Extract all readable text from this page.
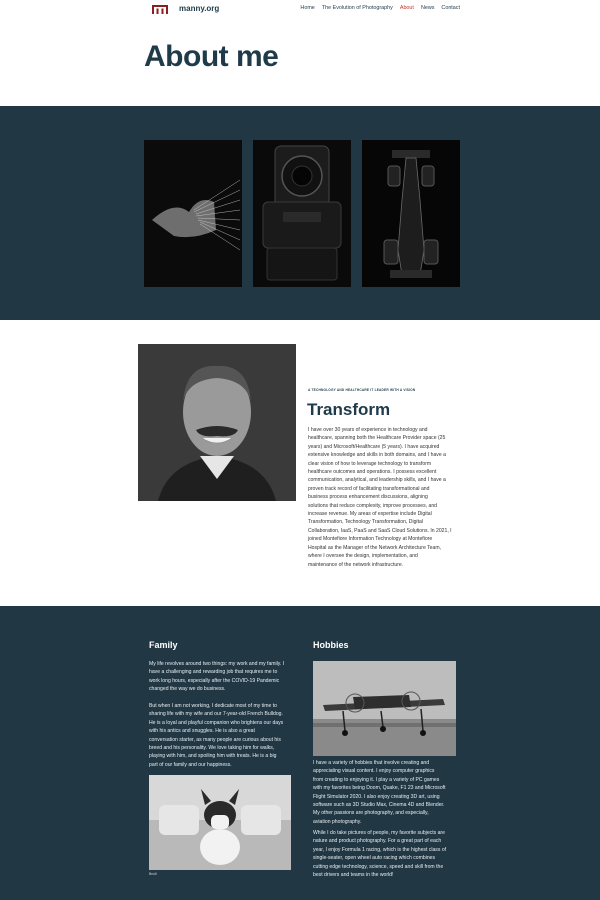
manny.org	Home The Evolution of Photography About News Contact
About me
A TECHNOLOGY AND HEALTHCARE IT LEADER WITH A VISION
Transform
I have over 30 years of experience in technology and
healthcare, spanning both the Healthcare Provider space (25
years) and Microsoft/Healthcare (5 years). I have acquired
extensive knowledge and skills in both domains, and I have a
clear vision of how to leverage technology to transform
healthcare outcomes and operations. I possess excellent
communication, analytical, and leadership skills, and I have a
proven track record of facilitating transformational and
business process enhancement discussions, aligning
solutions that reduce complexity, improve processes, and
increase revenue. My areas of expertise include Digital
Transformation, Technology Transformation, Digital
Collaboration, IaaS, PaaS and SaaS Cloud Solutions. In 2021, I
joined Montefiore Information Technology at Montefiore
Hospital as the Manager of the Network Architecture Team,
where I oversee the design, implementation, and
maintenance of the network infrastructure.
Family
My life revolves around two things: my work and my family. I
have a challenging and rewarding job that requires me to
work long hours, especially after the COVID-19 Pandemic
changed the way we do business.
But when I am not working, I dedicate most of my time to
sharing life with my wife and our 7-year-old French Bulldog.
He is a loyal and playful companion who brightens our days
with his antics and snuggles. He is also a great
conversation starter, as many people are curious about his
breed and his personality. We love taking him for walks,
playing with him, and spoiling him with treats. He is a big
part of our family and our happiness.
Bruiti
Hobbies
I have a variety of hobbies that involve creating and
appreciating visual content. I enjoy computer graphics
from creating to enjoying it. I play a variety of PC games
with my favorites being Doom, Quake, F1 23 and Microsoft
Flight Simulator 2020. I also enjoy creating 3D art, using
software such as 3D Studio Max, Cinema 4D and Blender.
My other passions are photography, and especially,
aviation photography.
While I do take pictures of people, my favorite subjects are
nature and product photography. For a great part of each
year, I enjoy Formula 1 racing, which is the highest class of
single-seater, open wheel auto racing which combines
cutting edge technology, science, speed and skill from the
best drivers and teams in the world!
